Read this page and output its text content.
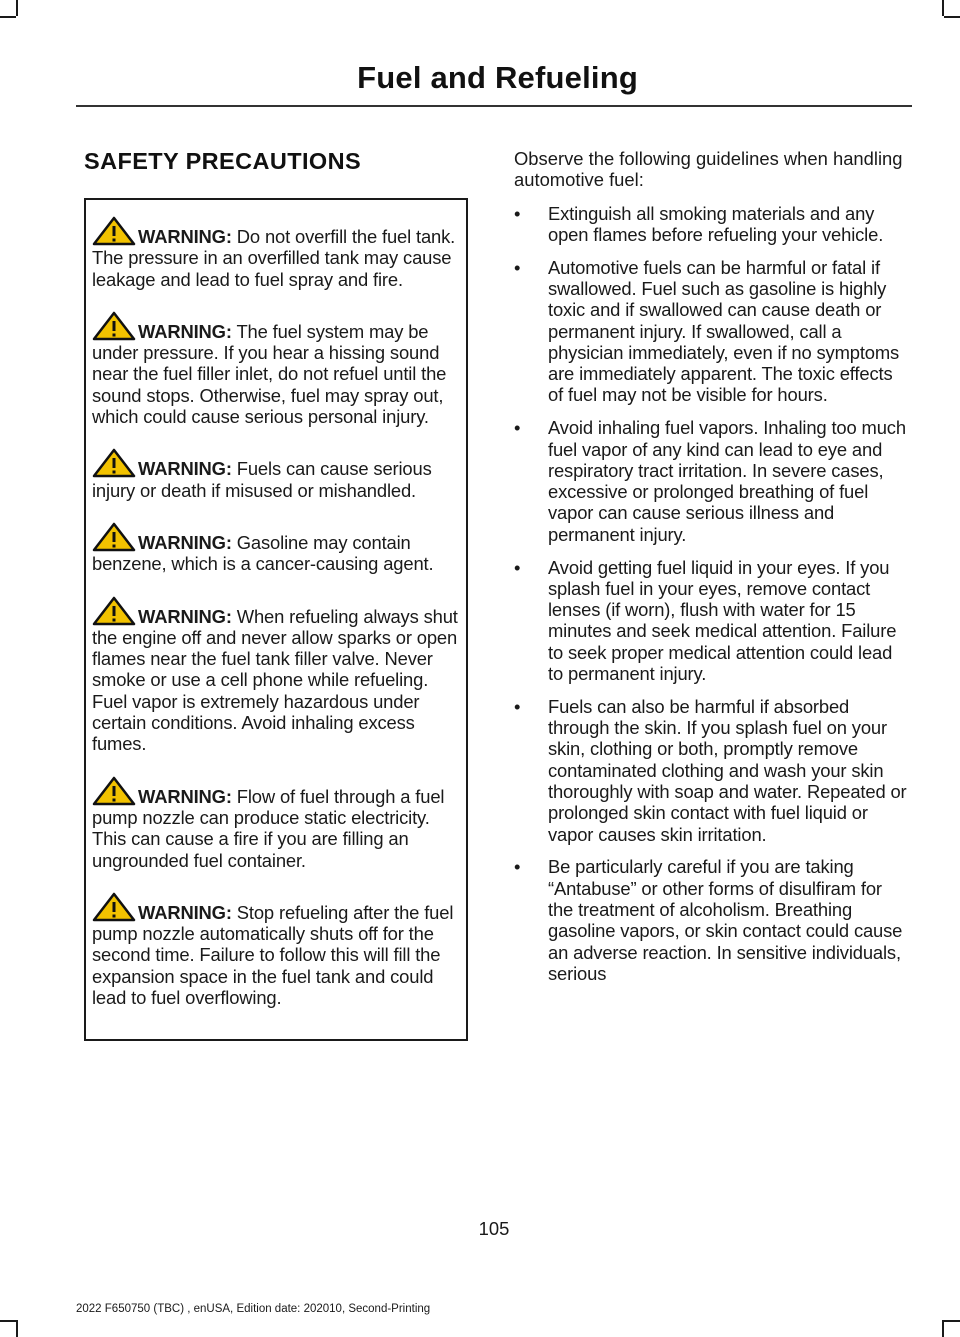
Fuel and Refueling
SAFETY PRECAUTIONS

WARNING: Do not overfill the fuel tank. The pressure in an overfilled tank may cause leakage and lead to fuel spray and fire.

WARNING: The fuel system may be under pressure. If you hear a hissing sound near the fuel filler inlet, do not refuel until the sound stops. Otherwise, fuel may spray out, which could cause serious personal injury.

WARNING: Fuels can cause serious injury or death if misused or mishandled.

WARNING: Gasoline may contain benzene, which is a cancer-causing agent.

WARNING: When refueling always shut the engine off and never allow sparks or open flames near the fuel tank filler valve. Never smoke or use a cell phone while refueling. Fuel vapor is extremely hazardous under certain conditions. Avoid inhaling excess fumes.

WARNING: Flow of fuel through a fuel pump nozzle can produce static electricity. This can cause a fire if you are filling an ungrounded fuel container.

WARNING: Stop refueling after the fuel pump nozzle automatically shuts off for the second time. Failure to follow this will fill the expansion space in the fuel tank and could lead to fuel overflowing.

Observe the following guidelines when handling automotive fuel:

• Extinguish all smoking materials and any open flames before refueling your vehicle.
• Automotive fuels can be harmful or fatal if swallowed. Fuel such as gasoline is highly toxic and if swallowed can cause death or permanent injury. If swallowed, call a physician immediately, even if no symptoms are immediately apparent. The toxic effects of fuel may not be visible for hours.
• Avoid inhaling fuel vapors. Inhaling too much fuel vapor of any kind can lead to eye and respiratory tract irritation. In severe cases, excessive or prolonged breathing of fuel vapor can cause serious illness and permanent injury.
• Avoid getting fuel liquid in your eyes. If you splash fuel in your eyes, remove contact lenses (if worn), flush with water for 15 minutes and seek medical attention. Failure to seek proper medical attention could lead to permanent injury.
• Fuels can also be harmful if absorbed through the skin. If you splash fuel on your skin, clothing or both, promptly remove contaminated clothing and wash your skin thoroughly with soap and water. Repeated or prolonged skin contact with fuel liquid or vapor causes skin irritation.
• Be particularly careful if you are taking “Antabuse” or other forms of disulfiram for the treatment of alcoholism. Breathing gasoline vapors, or skin contact could cause an adverse reaction. In sensitive individuals, serious
105
2022 F650750 (TBC) , enUSA, Edition date: 202010, Second-Printing
